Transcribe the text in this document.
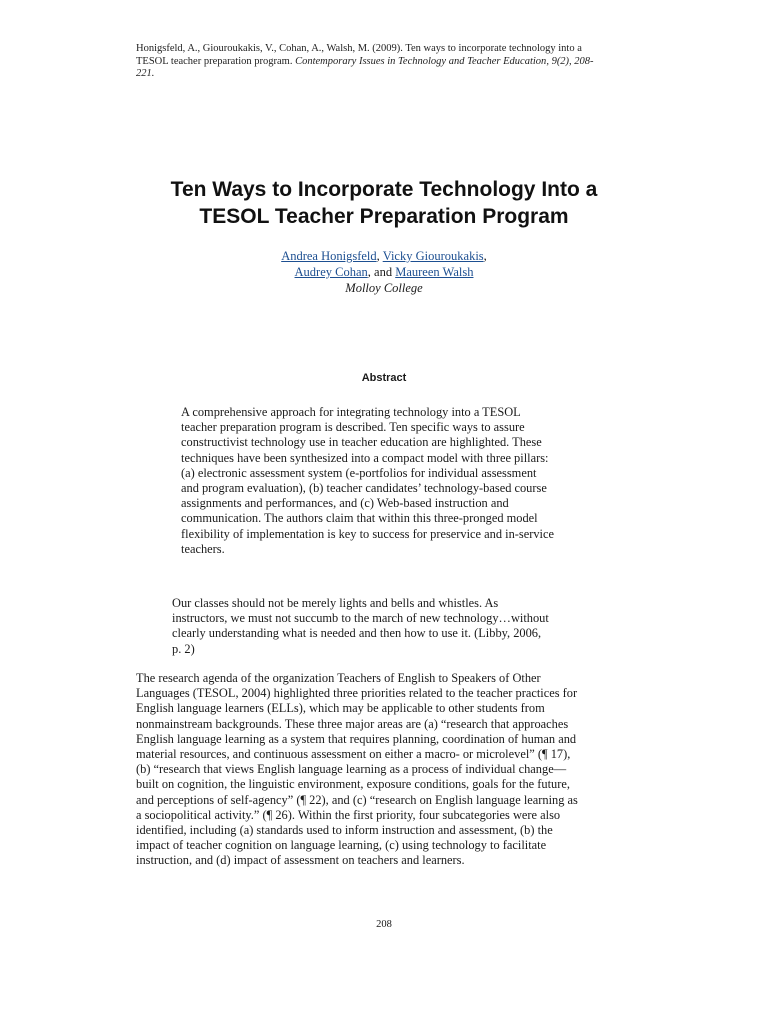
Honigsfeld, A., Giouroukakis, V., Cohan, A., Walsh, M. (2009). Ten ways to incorporate technology into a
TESOL teacher preparation program. Contemporary Issues in Technology and Teacher Education, 9(2), 208-
221.
Ten Ways to Incorporate Technology Into a
TESOL Teacher Preparation Program
Andrea Honigsfeld, Vicky Giouroukakis,
Audrey Cohan, and Maureen Walsh
Molloy College
Abstract
A comprehensive approach for integrating technology into a TESOL
teacher preparation program is described. Ten specific ways to assure
constructivist technology use in teacher education are highlighted. These
techniques have been synthesized into a compact model with three pillars:
(a) electronic assessment system (e-portfolios for individual assessment
and program evaluation), (b) teacher candidates’ technology-based course
assignments and performances, and (c) Web-based instruction and
communication. The authors claim that within this three-pronged model
flexibility of implementation is key to success for preservice and in-service
teachers.
Our classes should not be merely lights and bells and whistles. As
instructors, we must not succumb to the march of new technology…without
clearly understanding what is needed and then how to use it. (Libby, 2006,
p. 2)
The research agenda of the organization Teachers of English to Speakers of Other
Languages (TESOL, 2004) highlighted three priorities related to the teacher practices for
English language learners (ELLs), which may be applicable to other students from
nonmainstream backgrounds. These three major areas are (a) “research that approaches
English language learning as a system that requires planning, coordination of human and
material resources, and continuous assessment on either a macro- or microlevel” (¶ 17),
(b) “research that views English language learning as a process of individual change—
built on cognition, the linguistic environment, exposure conditions, goals for the future,
and perceptions of self-agency” (¶ 22), and (c) “research on English language learning as
a sociopolitical activity.” (¶ 26). Within the first priority, four subcategories were also
identified, including (a) standards used to inform instruction and assessment, (b) the
impact of teacher cognition on language learning, (c) using technology to facilitate
instruction, and (d) impact of assessment on teachers and learners.
208
